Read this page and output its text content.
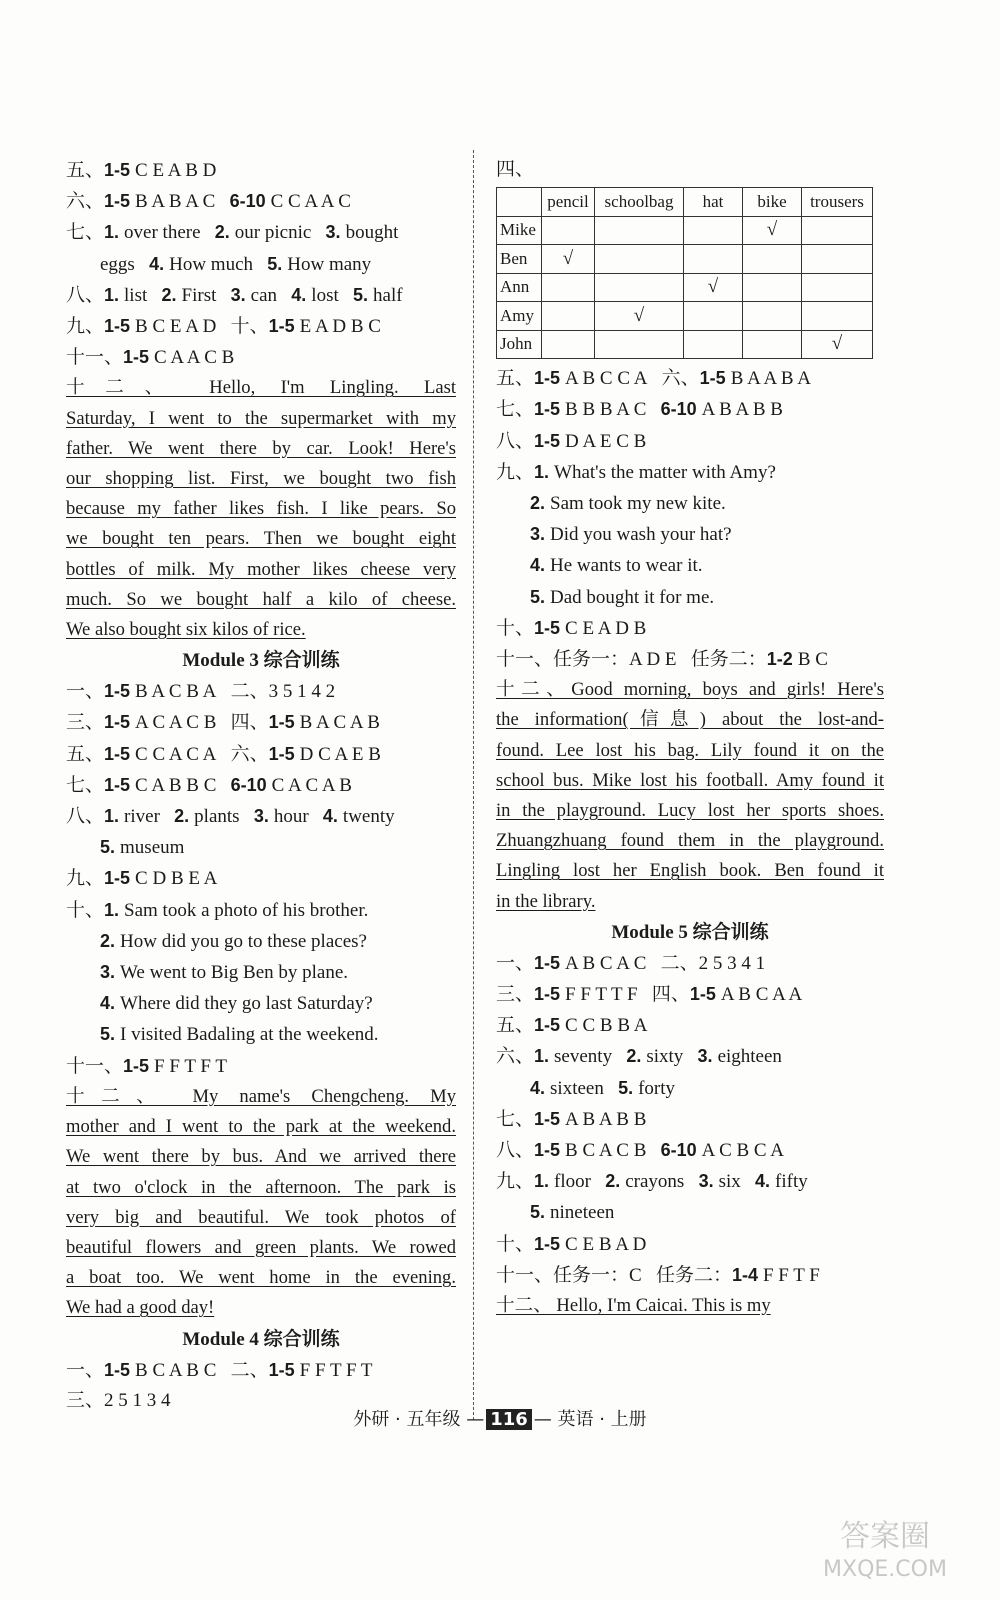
五、1-5 C E A B D
六、1-5 B A B A C   6-10 C C A A C
七、1. over there   2. our picnic   3. bought
eggs   4. How much   5. How many
八、1. list   2. First   3. can   4. lost   5. half
九、1-5 B C E A D   十、1-5 E A D B C
十一、1-5 C A A C B
十二、 Hello, I'm Lingling. Last
Saturday, I went to the supermarket with my
father. We went there by car. Look! Here's
our shopping list. First, we bought two fish
because my father likes fish. I like pears. So
we bought ten pears. Then we bought eight
bottles of milk. My mother likes cheese very
much. So we bought half a kilo of cheese.
We also bought six kilos of rice.
Module 3 综合训练
一、1-5 B A C B A   二、3 5 1 4 2
三、1-5 A C A C B   四、1-5 B A C A B
五、1-5 C C A C A   六、1-5 D C A E B
七、1-5 C A B B C   6-10 C A C A B
八、1. river   2. plants   3. hour   4. twenty
5. museum
九、1-5 C D B E A
十、1. Sam took a photo of his brother.
2. How did you go to these places?
3. We went to Big Ben by plane.
4. Where did they go last Saturday?
5. I visited Badaling at the weekend.
十一、1-5 F F T F T
十二、 My name's Chengcheng. My
mother and I went to the park at the weekend.
We went there by bus. And we arrived there
at two o'clock in the afternoon. The park is
very big and beautiful. We took photos of
beautiful flowers and green plants. We rowed
a boat too. We went home in the evening.
We had a good day!
Module 4 综合训练
一、1-5 B C A B C   二、1-5 F F T F T
三、2 5 1 3 4
四、
	pencil	schoolbag	hat	bike	trousers
Mike				√	
Ben	√				
Ann			√		
Amy		√			
John					√
五、1-5 A B C C A   六、1-5 B A A B A
七、1-5 B B B A C   6-10 A B A B B
八、1-5 D A E C B
九、1. What's the matter with Amy?
2. Sam took my new kite.
3. Did you wash your hat?
4. He wants to wear it.
5. Dad bought it for me.
十、1-5 C E A D B
十一、任务一：A D E   任务二：1-2 B C
十二、Good morning, boys and girls! Here's
the information(信息) about the lost-and-
found. Lee lost his bag. Lily found it on the
school bus. Mike lost his football. Amy found it
in the playground. Lucy lost her sports shoes.
Zhuangzhuang found them in the playground.
Lingling lost her English book. Ben found it
in the library.
Module 5 综合训练
一、1-5 A B C A C   二、2 5 3 4 1
三、1-5 F F T T F   四、1-5 A B C A A
五、1-5 C C B B A
六、1. seventy   2. sixty   3. eighteen
4. sixteen   5. forty
七、1-5 A B A B B
八、1-5 B C A C B   6-10 A C B C A
九、1. floor   2. crayons   3. six   4. fifty
5. nineteen
十、1-5 C E B A D
十一、任务一：C   任务二：1-4 F F T F
十二、 Hello, I'm Caicai. This is my
外研 · 五年级 — 116 — 英语 · 上册
答案圈
MXQE.COM
